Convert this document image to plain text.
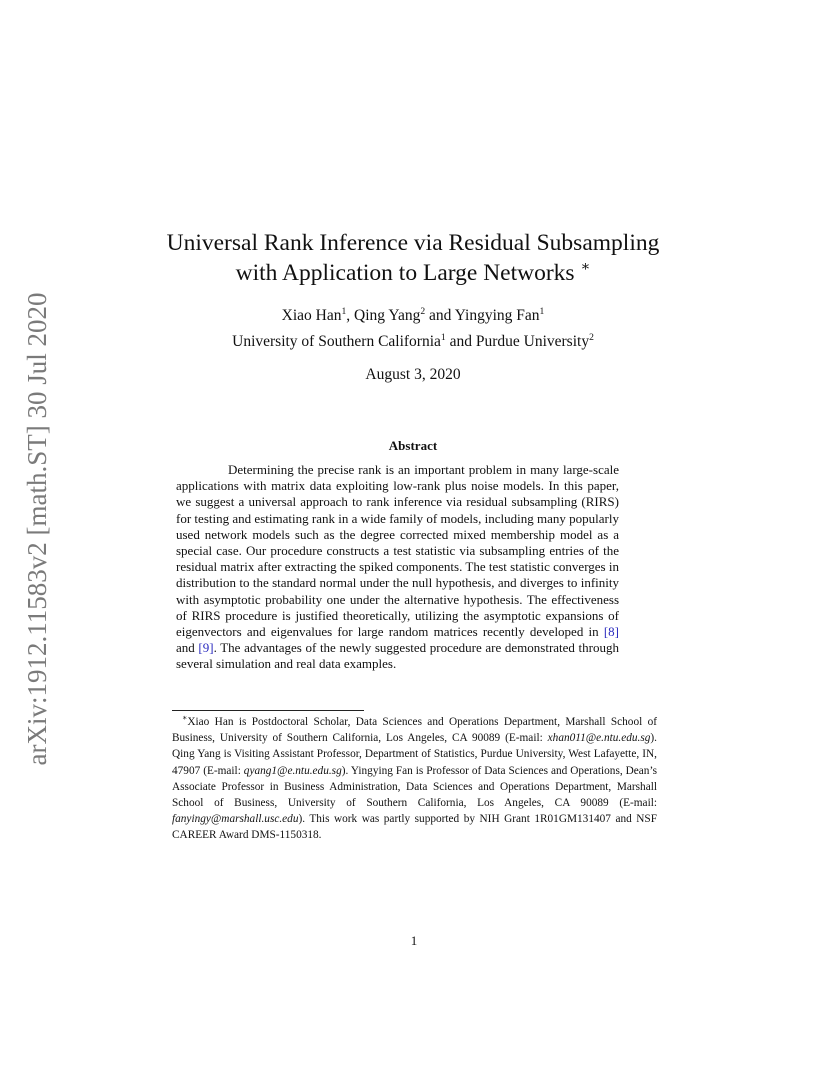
arXiv:1912.11583v2 [math.ST] 30 Jul 2020
Universal Rank Inference via Residual Subsampling
with Application to Large Networks ∗
Xiao Han$^1$, Qing Yang$^2$ and Yingying Fan$^1$
University of Southern California$^1$ and Purdue University$^2$
August 3, 2020
Abstract

Determining the precise rank is an important problem in many large-scale applications with matrix data exploiting low-rank plus noise models. In this paper, we suggest a universal approach to rank inference via residual subsampling (RIRS) for testing and estimating rank in a wide family of models, including many popularly used network models such as the degree corrected mixed membership model as a special case. Our procedure constructs a test statistic via subsampling entries of the residual matrix after extracting the spiked components. The test statistic converges in distribution to the standard normal under the null hypothesis, and diverges to infinity with asymptotic probability one under the alternative hypothesis. The effectiveness of RIRS procedure is justified theoretically, utilizing the asymptotic expansions of eigenvectors and eigenvalues for large random matrices recently developed in [8] and [9]. The advantages of the newly suggested procedure are demonstrated through several simulation and real data examples.

∗Xiao Han is Postdoctoral Scholar, Data Sciences and Operations Department, Marshall School of Business, University of Southern California, Los Angeles, CA 90089 (E-mail: xhan011@e.ntu.edu.sg). Qing Yang is Visiting Assistant Professor, Department of Statistics, Purdue University, West Lafayette, IN, 47907 (E-mail: qyang1@e.ntu.edu.sg). Yingying Fan is Professor of Data Sciences and Operations, Dean’s Associate Professor in Business Administration, Data Sciences and Operations Department, Marshall School of Business, University of Southern California, Los Angeles, CA 90089 (E-mail: fanyingy@marshall.usc.edu). This work was partly supported by NIH Grant 1R01GM131407 and NSF CAREER Award DMS-1150318.

1
